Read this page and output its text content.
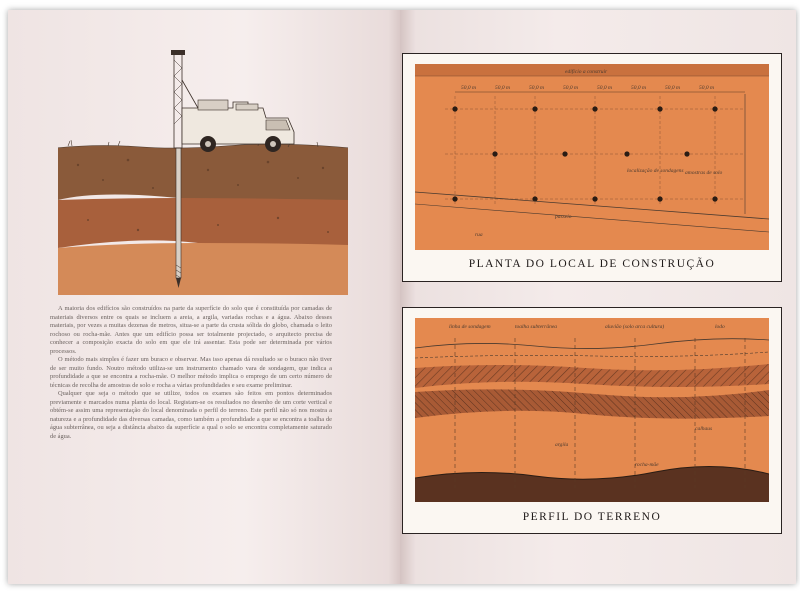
A maioria dos edifícios são construídos na parte da superfície do solo que é constituída por camadas de materiais diversos entre os quais se incluem a areia, a argila, variadas rochas e a água. Abaixo desses materiais, por vezes a muitas dezenas de metros, situa-se a parte da crusta sólida do globo, chamada o leito rochoso ou rocha-mãe. Antes que um edifício possa ser totalmente projectado, o arquitecto precisa de conhecer a composição exacta do solo em que ele irá assentar. Esta pode ser determinada por vários processos.

O método mais simples é fazer um buraco e observar. Mas isso apenas dá resultado se o buraco não tiver de ser muito fundo. Noutro método utiliza-se um instrumento chamado vara de sondagem, que indica a profundidade a que se encontra a rocha-mãe. O melhor método implica o emprego de um certo número de técnicas de recolha de amostras de solo e rocha a várias profundidades e seu exame preliminar.

Qualquer que seja o método que se utilize, todos os exames são feitos em pontos determinados previamente e marcados numa planta do local. Registam-se os resultados no desenho de um corte vertical e obtém-se assim uma representação do local denominada o perfil do terreno. Este perfil não só nos mostra a natureza e a profundidade das diversas camadas, como também a profundidade a que se encontra a toalha de água subterrânea, ou seja a distância abaixo da superfície a qual o solo se encontra completamente saturado de água.

50,0 m	50,0 m	50,0 m	50,0 m	50,0 m	50,0 m	50,0 m	50,0 m
edifício a construir
localização de sondagens amostras de solo
passeio
rua
PLANTA DO LOCAL DE CONSTRUÇÃO
linha de sondagem	toalha subterrânea	aluvião (solo arca cultura)	lodo
calhaus
argila
rocha-mãe
PERFIL DO TERRENO
